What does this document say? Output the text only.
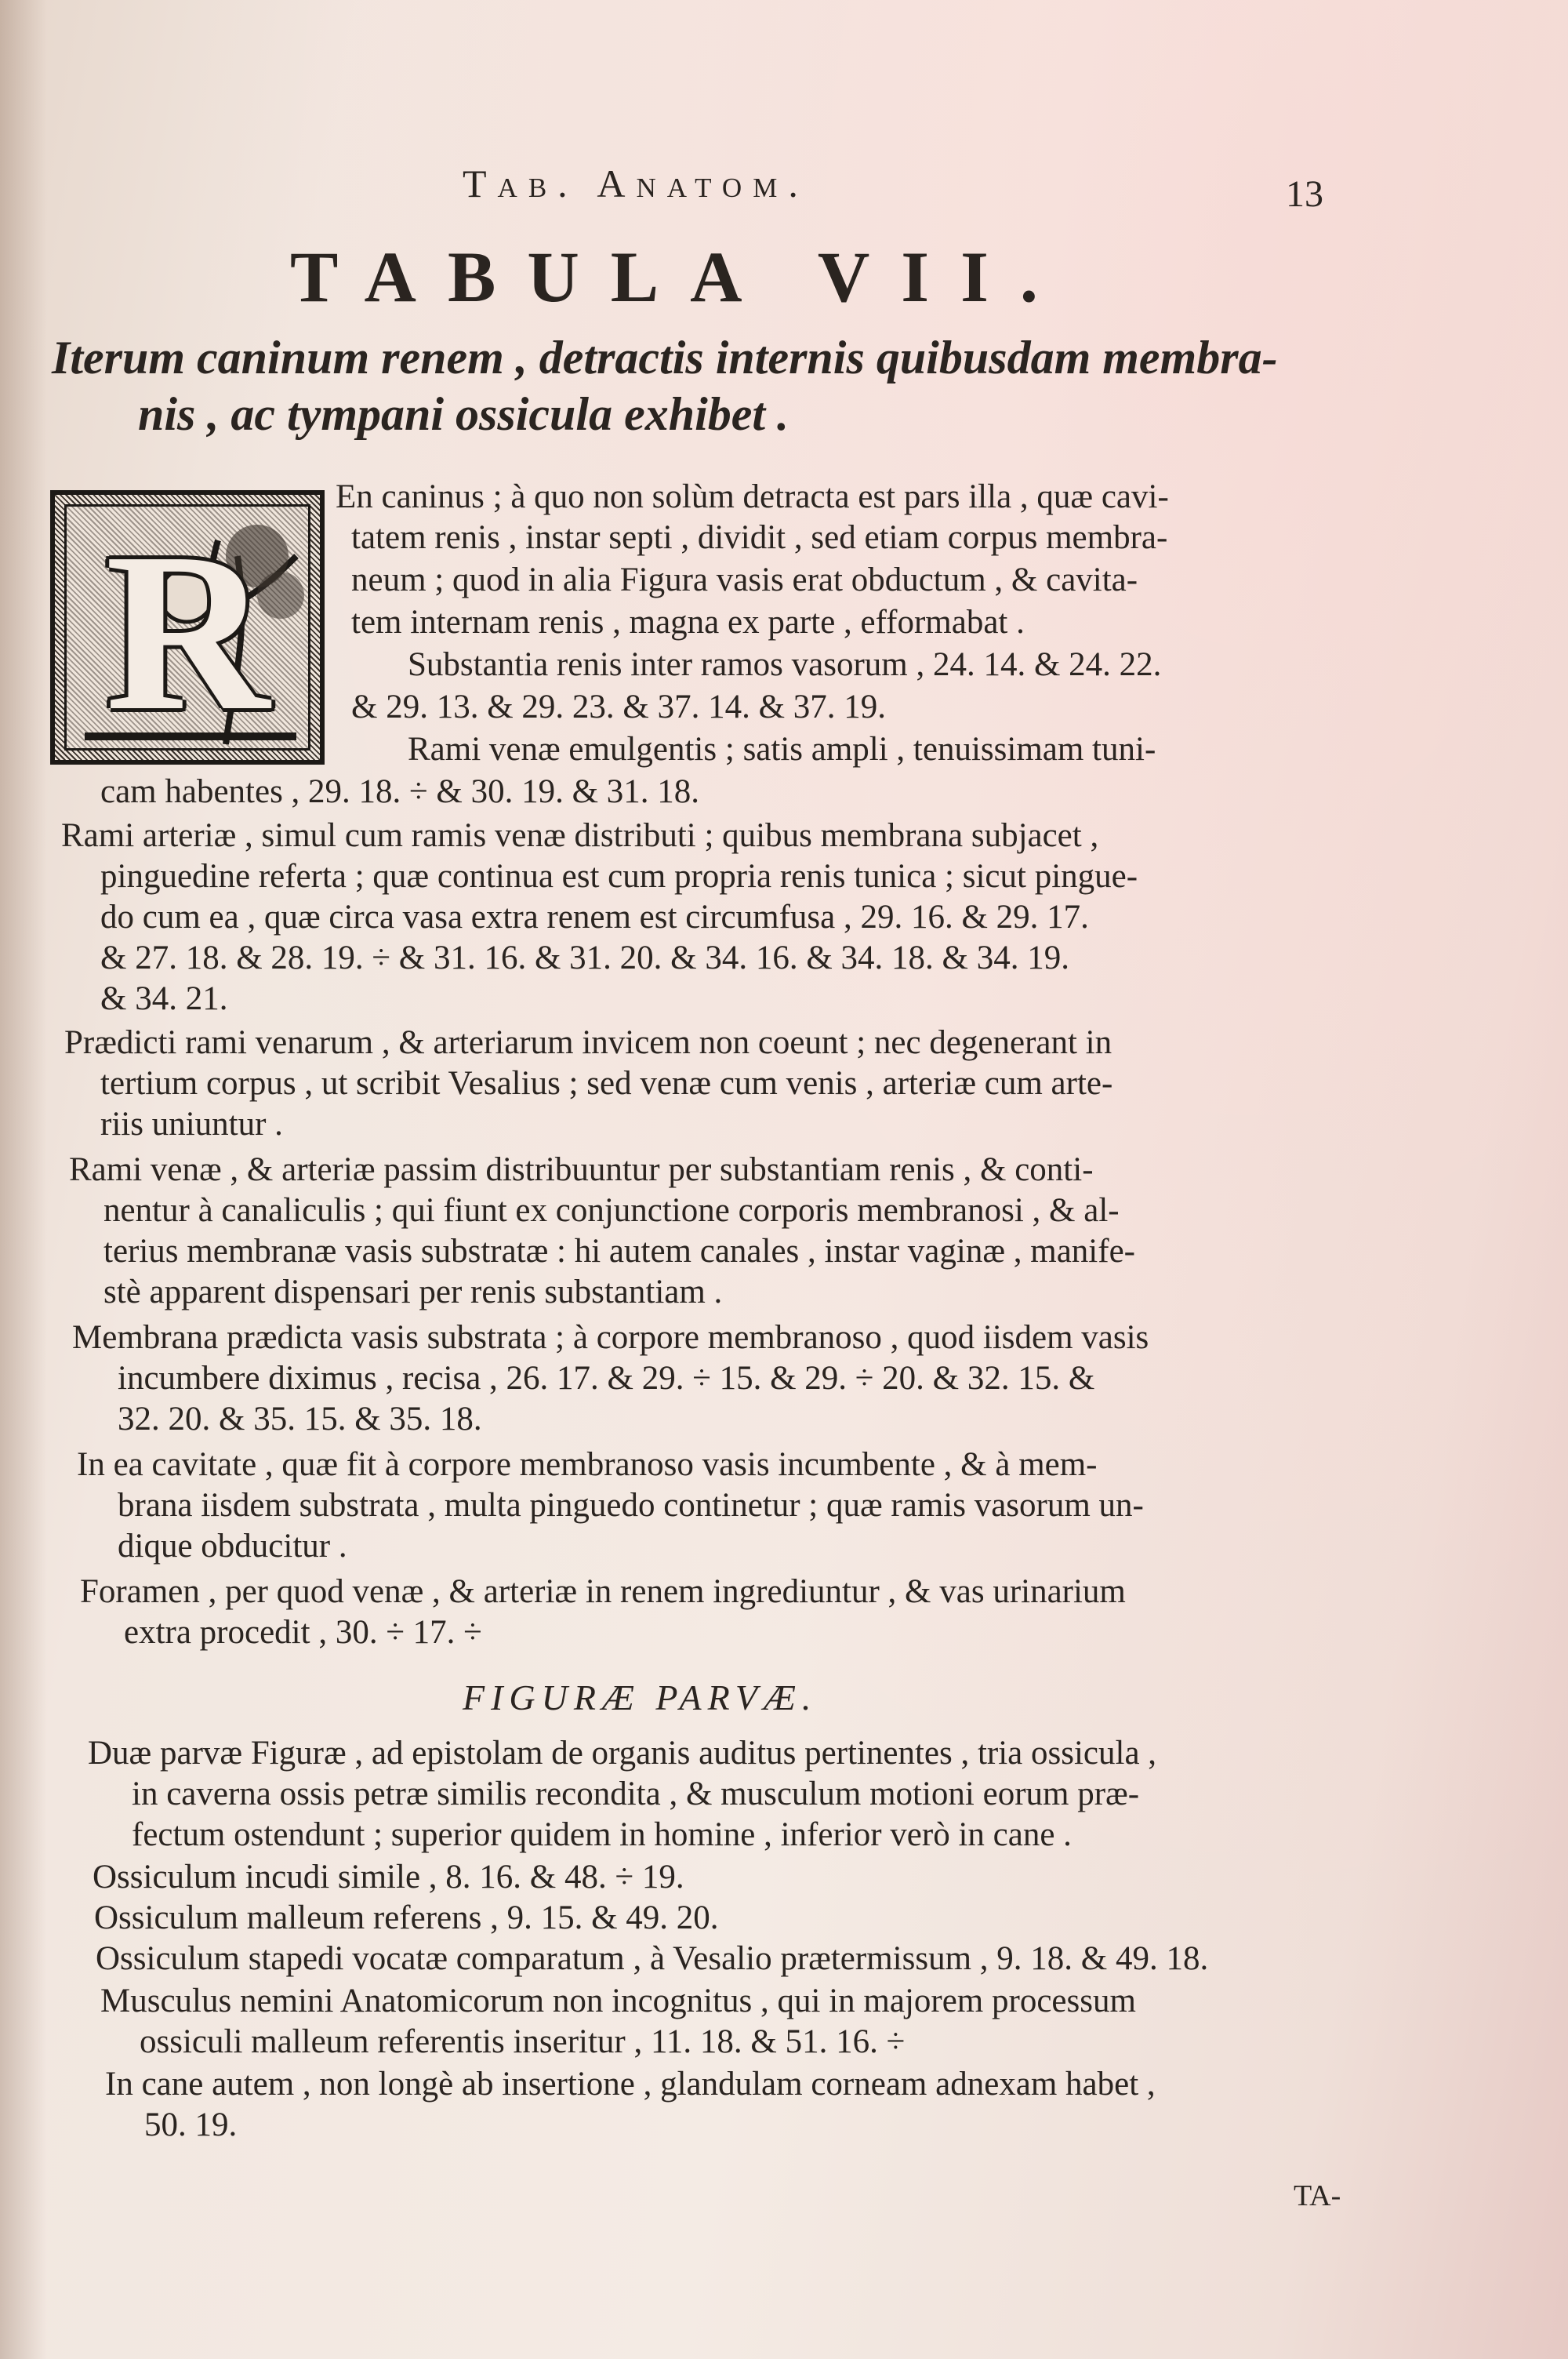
Tab. Anatom.	13
TABULA VII.
Iterum caninum renem , detractis internis quibusdam membra-
nis , ac tympani ossicula exhibet .
R
En caninus ; à quo non solùm detracta est pars illa , quæ cavi-
tatem renis , instar septi , dividit , sed etiam corpus membra-
neum ; quod in alia Figura vasis erat obductum , & cavita-
tem internam renis , magna ex parte , efformabat .
Substantia renis inter ramos vasorum , 24. 14. & 24. 22.
& 29. 13. & 29. 23. & 37. 14. & 37. 19.
Rami venæ emulgentis ; satis ampli , tenuissimam tuni-
cam habentes , 29. 18. ÷ & 30. 19. & 31. 18.
Rami arteriæ , simul cum ramis venæ distributi ; quibus membrana subjacet ,
pinguedine referta ; quæ continua est cum propria renis tunica ; sicut pingue-
do cum ea , quæ circa vasa extra renem est circumfusa , 29. 16. & 29. 17.
& 27. 18. & 28. 19. ÷ & 31. 16. & 31. 20. & 34. 16. & 34. 18. & 34. 19.
& 34. 21.
Prædicti rami venarum , & arteriarum invicem non coeunt ; nec degenerant in
tertium corpus , ut scribit Vesalius ; sed venæ cum venis , arteriæ cum arte-
riis uniuntur .
Rami venæ , & arteriæ passim distribuuntur per substantiam renis , & conti-
nentur à canaliculis ; qui fiunt ex conjunctione corporis membranosi , & al-
terius membranæ vasis substratæ : hi autem canales , instar vaginæ , manife-
stè apparent dispensari per renis substantiam .
Membrana prædicta vasis substrata ; à corpore membranoso , quod iisdem vasis
incumbere diximus , recisa , 26. 17. & 29. ÷ 15. & 29. ÷ 20. & 32. 15. &
32. 20. & 35. 15. & 35. 18.
In ea cavitate , quæ fit à corpore membranoso vasis incumbente , & à mem-
brana iisdem substrata , multa pinguedo continetur ; quæ ramis vasorum un-
dique obducitur .
Foramen , per quod venæ , & arteriæ in renem ingrediuntur , & vas urinarium
extra procedit , 30. ÷ 17. ÷
Duæ parvæ Figuræ , ad epistolam de organis auditus pertinentes , tria ossicula ,
in caverna ossis petræ similis recondita , & musculum motioni eorum præ-
fectum ostendunt ; superior quidem in homine , inferior verò in cane .
Ossiculum incudi simile , 8. 16. & 48. ÷ 19.
Ossiculum malleum referens , 9. 15. & 49. 20.
Ossiculum stapedi vocatæ comparatum , à Vesalio prætermissum , 9. 18. & 49. 18.
Musculus nemini Anatomicorum non incognitus , qui in majorem processum
ossiculi malleum referentis inseritur , 11. 18. & 51. 16. ÷
In cane autem , non longè ab insertione , glandulam corneam adnexam habet ,
50. 19.
FIGURÆ PARVÆ.
TA-
